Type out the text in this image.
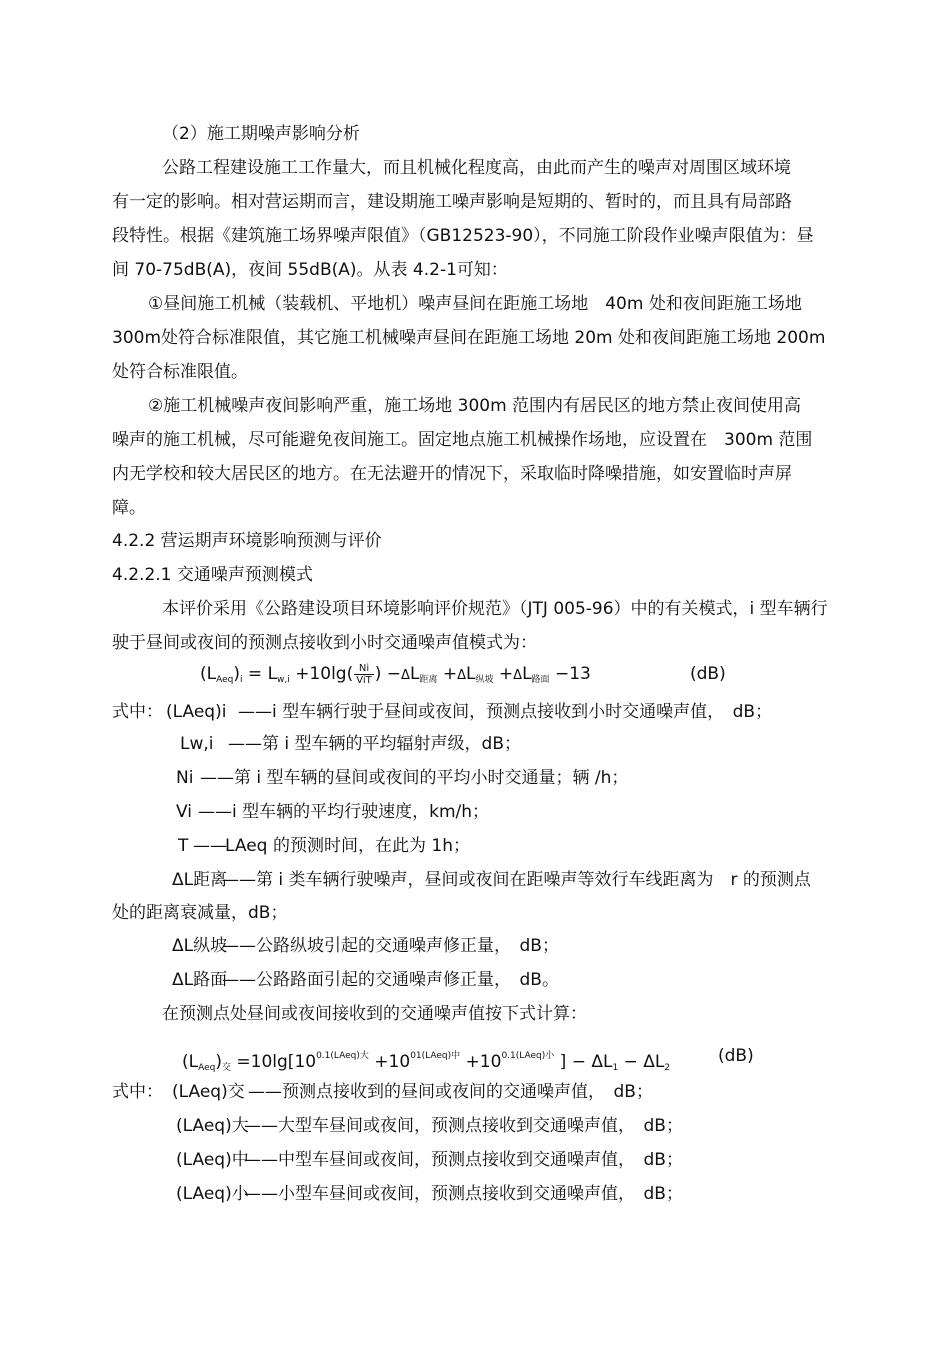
（2）施工期噪声影响分析
公路工程建设施工工作量大，而且机械化程度高，由此而产生的噪声对周围区域环境
有一定的影响。相对营运期而言，建设期施工噪声影响是短期的、暂时的，而且具有局部路
段特性。根据《建筑施工场界噪声限值》（GB12523-90），不同施工阶段作业噪声限值为：昼
间 70-75dB(A)，夜间 55dB(A)。从表 4.2-1可知：
①昼间施工机械（装载机、平地机）噪声昼间在距施工场地　40m 处和夜间距施工场地
300m处符合标准限值，其它施工机械噪声昼间在距施工场地 20m 处和夜间距施工场地 200m
处符合标准限值。
②施工机械噪声夜间影响严重，施工场地 300m 范围内有居民区的地方禁止夜间使用高
噪声的施工机械，尽可能避免夜间施工。固定地点施工机械操作场地，应设置在　300m 范围
内无学校和较大居民区的地方。在无法避开的情况下，采取临时降噪措施，如安置临时声屏
障。
4.2.2 营运期声环境影响预测与评价
4.2.2.1 交通噪声预测模式
本评价采用《公路建设项目环境影响评价规范》（JTJ 005-96）中的有关模式，i 型车辆行
驶于昼间或夜间的预测点接收到小时交通噪声值模式为：
$(L_{Aeq})_i = L_{w,i} +10\lg( \frac{Ni}{\text{ViT}}$ ) $-\Delta L_{距离} +\Delta L_{纵坡} +\Delta L_{路面} -13$	(dB)
式中： (LAeq)i ——i 型车辆行驶于昼间或夜间，预测点接收到小时交通噪声值，　dB；
Lw,i ——第 i 型车辆的平均辐射声级，dB；
Ni ——第 i 型车辆的昼间或夜间的平均小时交通量；辆 /h；
Vi ——i 型车辆的平均行驶速度，km/h；
T ——
LAeq 的预测时间，在此为 1h；
ΔL距离
——第 i 类车辆行驶噪声，昼间或夜间在距噪声等效行车线距离为　r 的预测点
处的距离衰减量，dB；
ΔL纵坡
——公路纵坡引起的交通噪声修正量，　dB；
ΔL路面
——公路路面引起的交通噪声修正量，　dB。
在预测点处昼间或夜间接收到的交通噪声值按下式计算：
$(L_{Aeq})_交 =10\lg[10^{0.1(LAeq)大} +10^{01(LAeq)中} +10^{0.1(LAeq)小}$ ] − $\Delta L_1 - \Delta L_2$
(dB)
式中： (LAeq)交 ——预测点接收到的昼间或夜间的交通噪声值，　dB；
(LAeq)大
——大型车昼间或夜间，预测点接收到交通噪声值，　dB；
(LAeq)中
——中型车昼间或夜间，预测点接收到交通噪声值，　dB；
(LAeq)小
——小型车昼间或夜间，预测点接收到交通噪声值，　dB；
